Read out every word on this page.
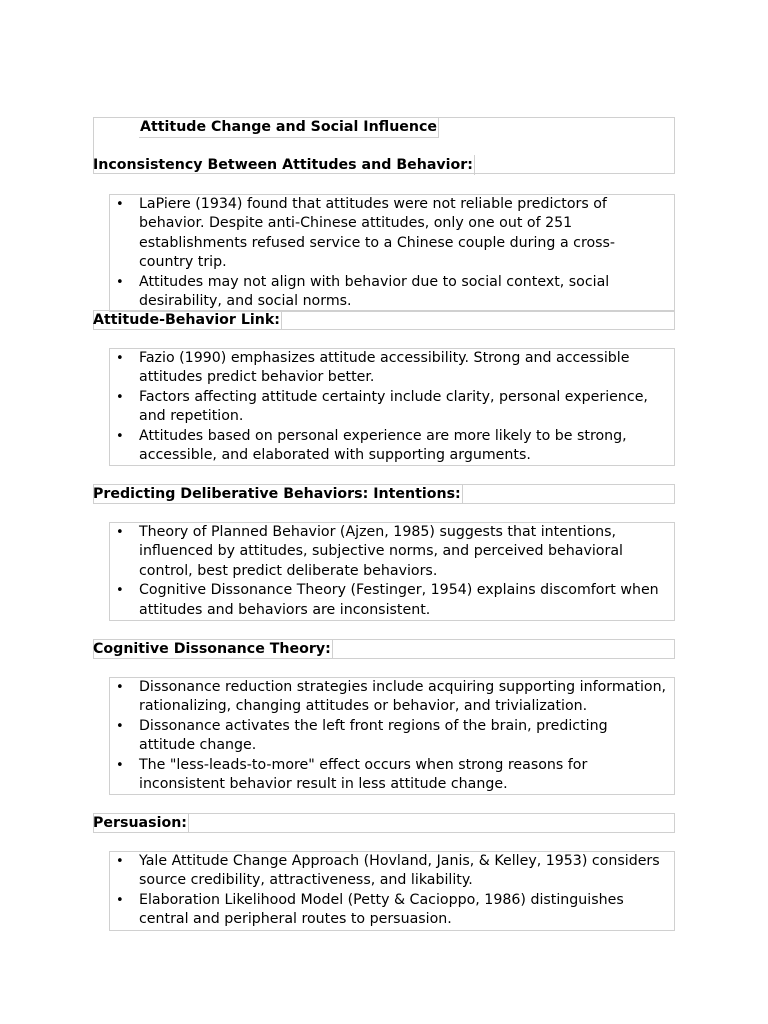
Attitude Change and Social Influence
Inconsistency Between Attitudes and Behavior:
• LaPiere (1934) found that attitudes were not reliable predictors of behavior. Despite anti-Chinese attitudes, only one out of 251 establishments refused service to a Chinese couple during a cross-country trip.
• Attitudes may not align with behavior due to social context, social desirability, and social norms.
Attitude-Behavior Link:
• Fazio (1990) emphasizes attitude accessibility. Strong and accessible attitudes predict behavior better.
• Factors affecting attitude certainty include clarity, personal experience, and repetition.
• Attitudes based on personal experience are more likely to be strong, accessible, and elaborated with supporting arguments.
Predicting Deliberative Behaviors: Intentions:
• Theory of Planned Behavior (Ajzen, 1985) suggests that intentions, influenced by attitudes, subjective norms, and perceived behavioral control, best predict deliberate behaviors.
• Cognitive Dissonance Theory (Festinger, 1954) explains discomfort when attitudes and behaviors are inconsistent.
Cognitive Dissonance Theory:
• Dissonance reduction strategies include acquiring supporting information, rationalizing, changing attitudes or behavior, and trivialization.
• Dissonance activates the left front regions of the brain, predicting attitude change.
• The "less-leads-to-more" effect occurs when strong reasons for inconsistent behavior result in less attitude change.
Persuasion:
• Yale Attitude Change Approach (Hovland, Janis, & Kelley, 1953) considers source credibility, attractiveness, and likability.
• Elaboration Likelihood Model (Petty & Cacioppo, 1986) distinguishes central and peripheral routes to persuasion.
